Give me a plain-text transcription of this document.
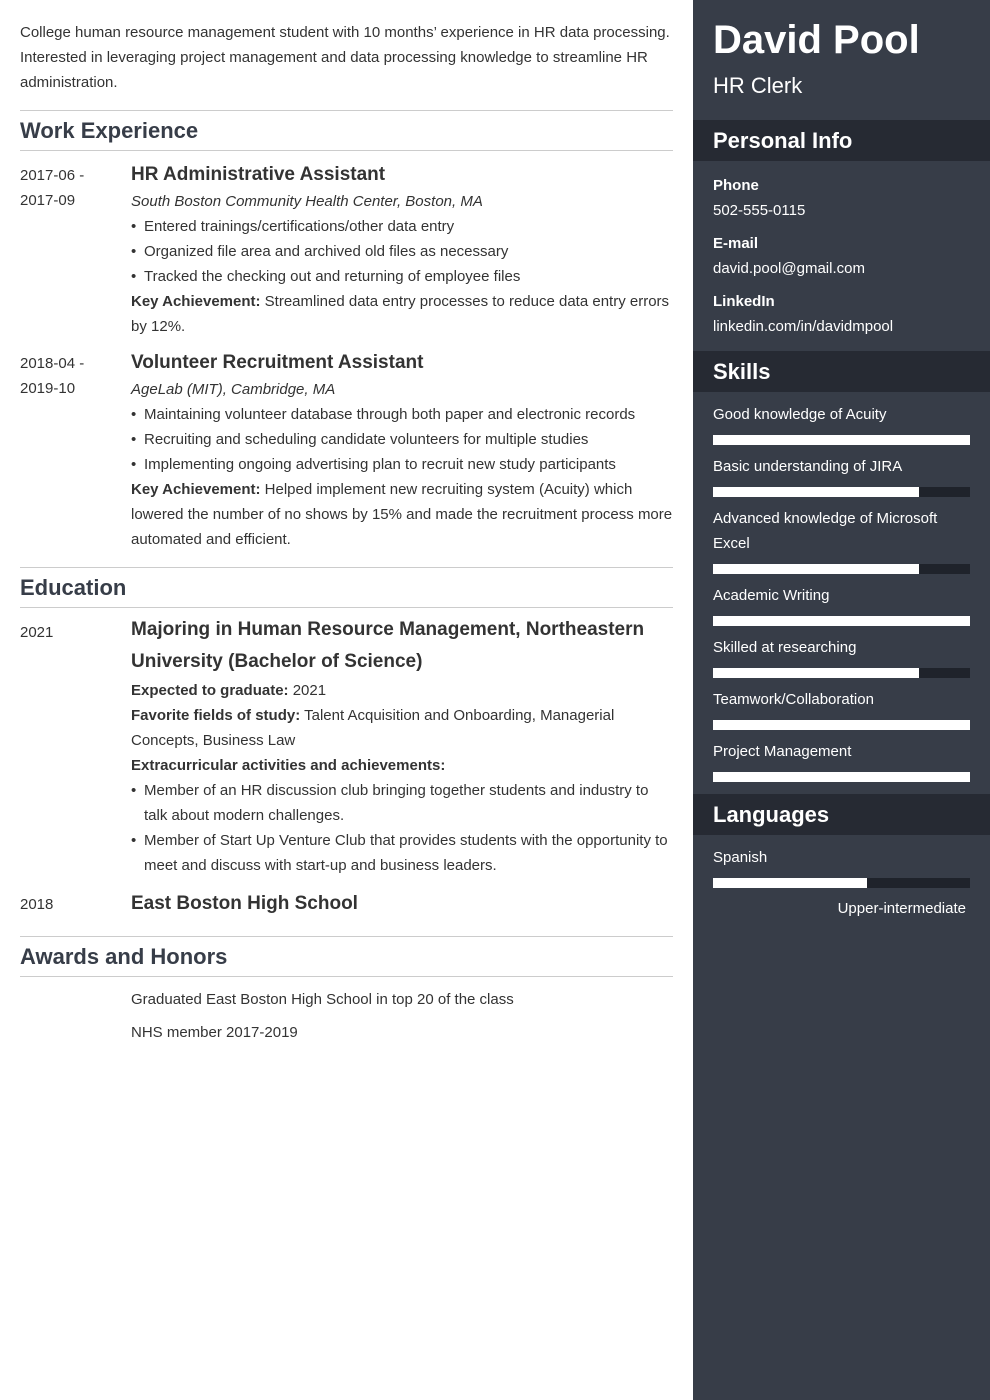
College human resource management student with 10 months’ experience in HR data processing. Interested in leveraging project management and data processing knowledge to streamline HR administration.

Work Experience
2017-06 -
2017-09
HR Administrative Assistant
South Boston Community Health Center, Boston, MA
• Entered trainings/certifications/other data entry
• Organized file area and archived old files as necessary
• Tracked the checking out and returning of employee files
Key Achievement: Streamlined data entry processes to reduce data entry errors by 12%.
2018-04 -
2019-10
Volunteer Recruitment Assistant
AgeLab (MIT), Cambridge, MA
• Maintaining volunteer database through both paper and electronic records
• Recruiting and scheduling candidate volunteers for multiple studies
• Implementing ongoing advertising plan to recruit new study participants
Key Achievement: Helped implement new recruiting system (Acuity) which lowered the number of no shows by 15% and made the recruitment process more automated and efficient.
Education
2021	Majoring in Human Resource Management, Northeastern University (Bachelor of Science)
Expected to graduate: 2021
Favorite fields of study: Talent Acquisition and Onboarding, Managerial Concepts, Business Law
Extracurricular activities and achievements:
• Member of an HR discussion club bringing together students and industry to talk about modern challenges.
• Member of Start Up Venture Club that provides students with the opportunity to meet and discuss with start-up and business leaders.
2018	East Boston High School
Awards and Honors
Graduated East Boston High School in top 20 of the class
NHS member 2017-2019
David Pool
HR Clerk
Personal Info
Phone
502-555-0115
E-mail
david.pool@gmail.com
LinkedIn
linkedin.com/in/davidmpool
Skills
Good knowledge of Acuity
Basic understanding of JIRA
Advanced knowledge of Microsoft Excel
Academic Writing
Skilled at researching
Teamwork/Collaboration
Project Management
Languages
Spanish
Upper-intermediate
